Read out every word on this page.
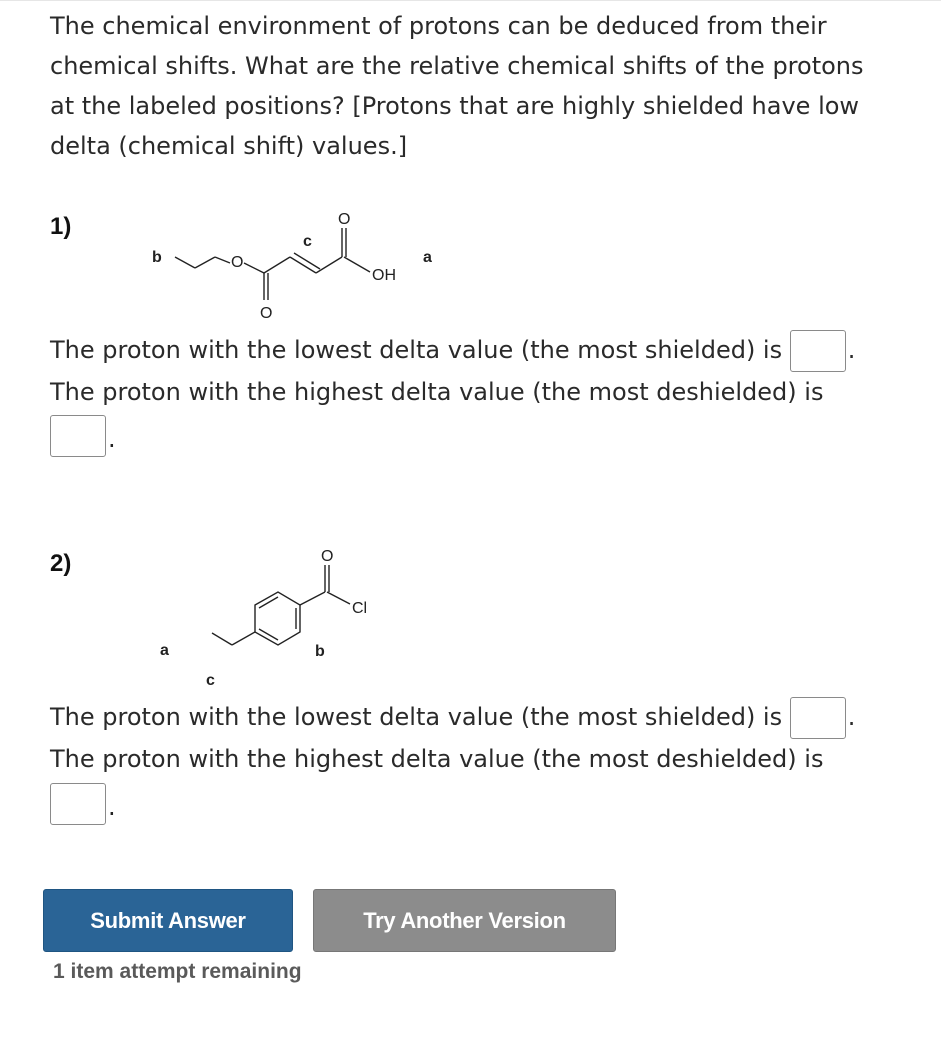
The chemical environment of protons can be deduced from their chemical shifts. What are the relative chemical shifts of the protons at the labeled positions? [Protons that are highly shielded have low delta (chemical shift) values.]
1)
b	O
O
c
O
OH
a
The proton with the lowest delta value (the most shielded) is	.
The proton with the highest delta value (the most deshielded) is
.
2)
a
c
b
O
Cl
The proton with the lowest delta value (the most shielded) is	.
The proton with the highest delta value (the most deshielded) is
.
Submit Answer	Try Another Version
1 item attempt remaining
